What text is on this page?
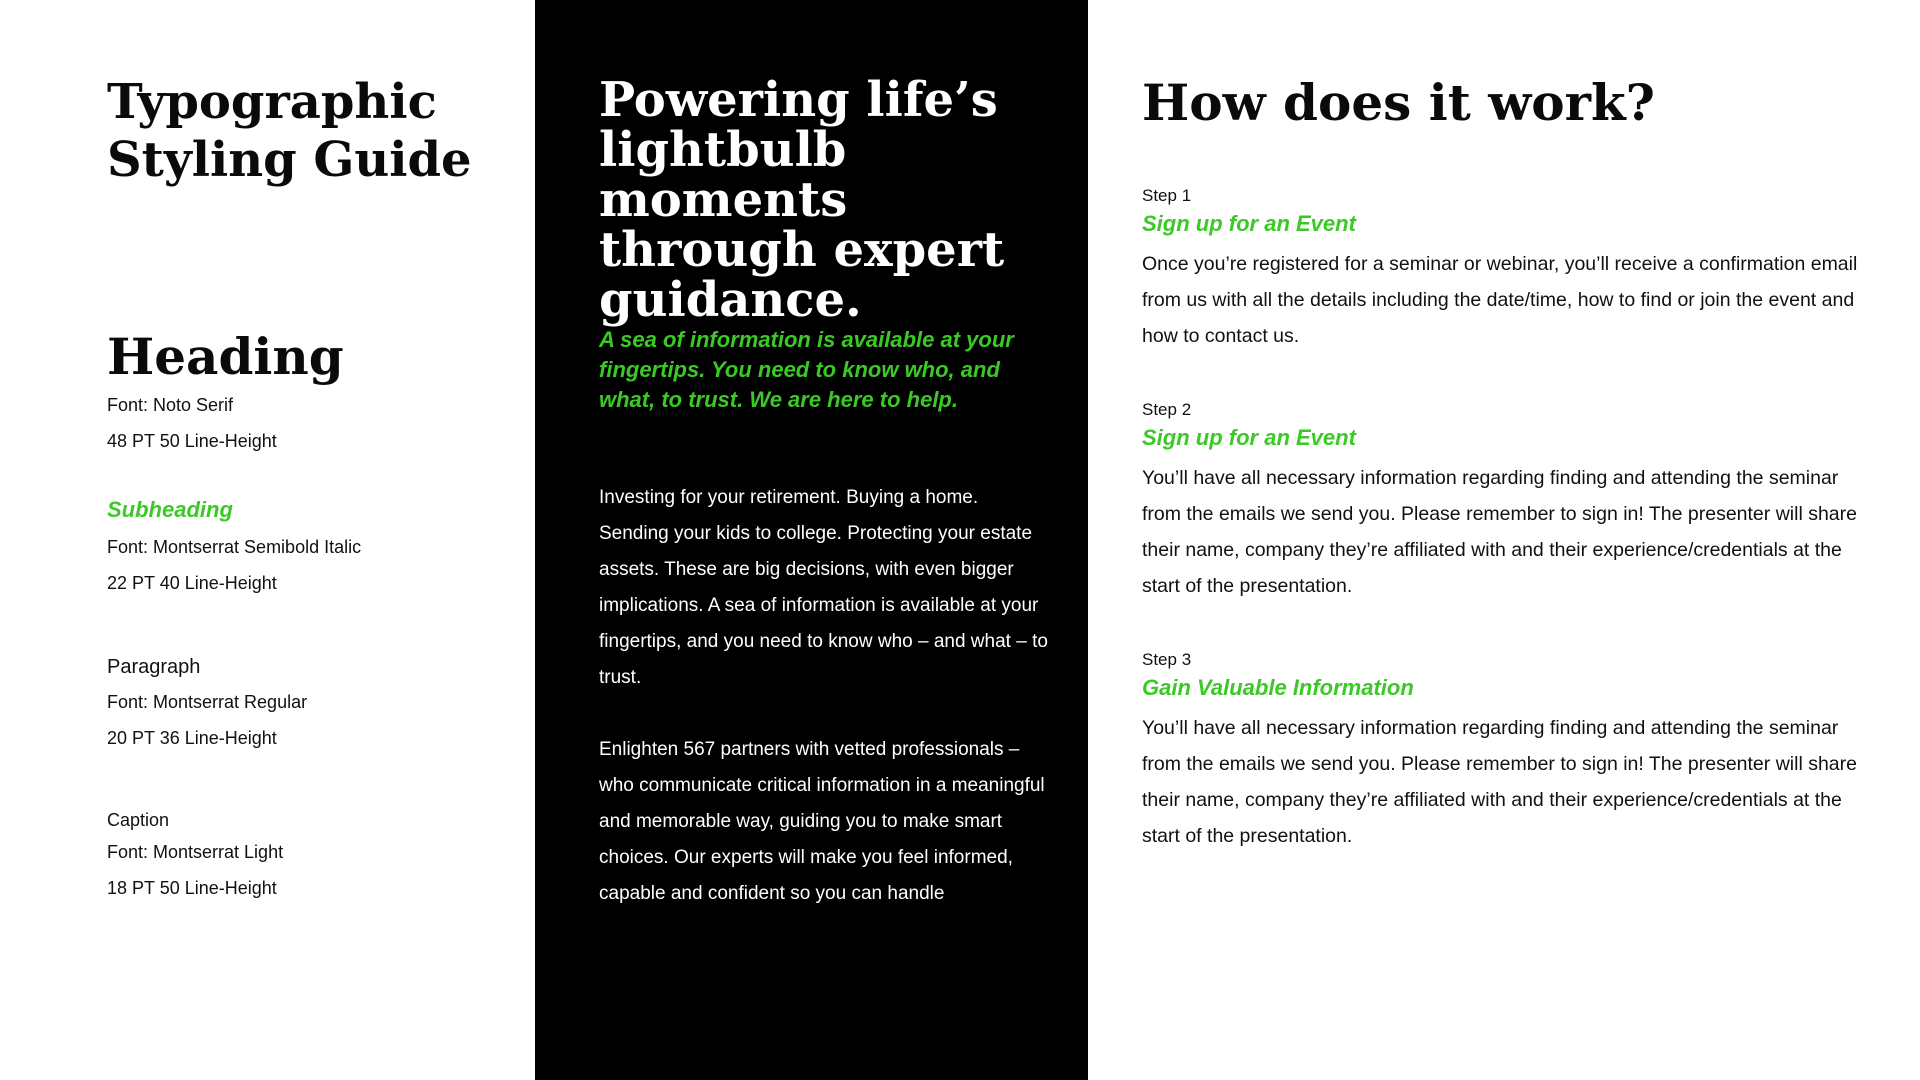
Typographic Styling Guide
Heading

Font: Noto Serif

48 PT 50 Line-Height

Subheading

Font: Montserrat Semibold Italic

22 PT 40 Line-Height

Paragraph

Font: Montserrat Regular

20 PT 36 Line-Height

Caption

Font: Montserrat Light

18 PT 50 Line-Height

Powering life’s lightbulb moments through expert guidance.

A sea of information is available at your fingertips. You need to know who, and what, to trust. We are here to help.

Investing for your retirement. Buying a home. Sending your kids to college. Protecting your estate assets. These are big decisions, with even bigger implications. A sea of information is available at your fingertips, and you need to know who – and what – to trust.

Enlighten 567 partners with vetted professionals – who communicate critical information in a meaningful and memorable way, guiding you to make smart choices. Our experts will make you feel informed, capable and confident so you can handle

How does it work?

Step 1

Sign up for an Event

Once you’re registered for a seminar or webinar, you’ll receive a confirmation email from us with all the details including the date/time, how to find or join the event and how to contact us.

Step 2

Sign up for an Event

You’ll have all necessary information regarding finding and attending the seminar from the emails we send you. Please remember to sign in! The presenter will share their name, company they’re affiliated with and their experience/credentials at the start of the presentation.

Step 3

Gain Valuable Information

You’ll have all necessary information regarding finding and attending the seminar from the emails we send you. Please remember to sign in! The presenter will share their name, company they’re affiliated with and their experience/credentials at the start of the presentation.
